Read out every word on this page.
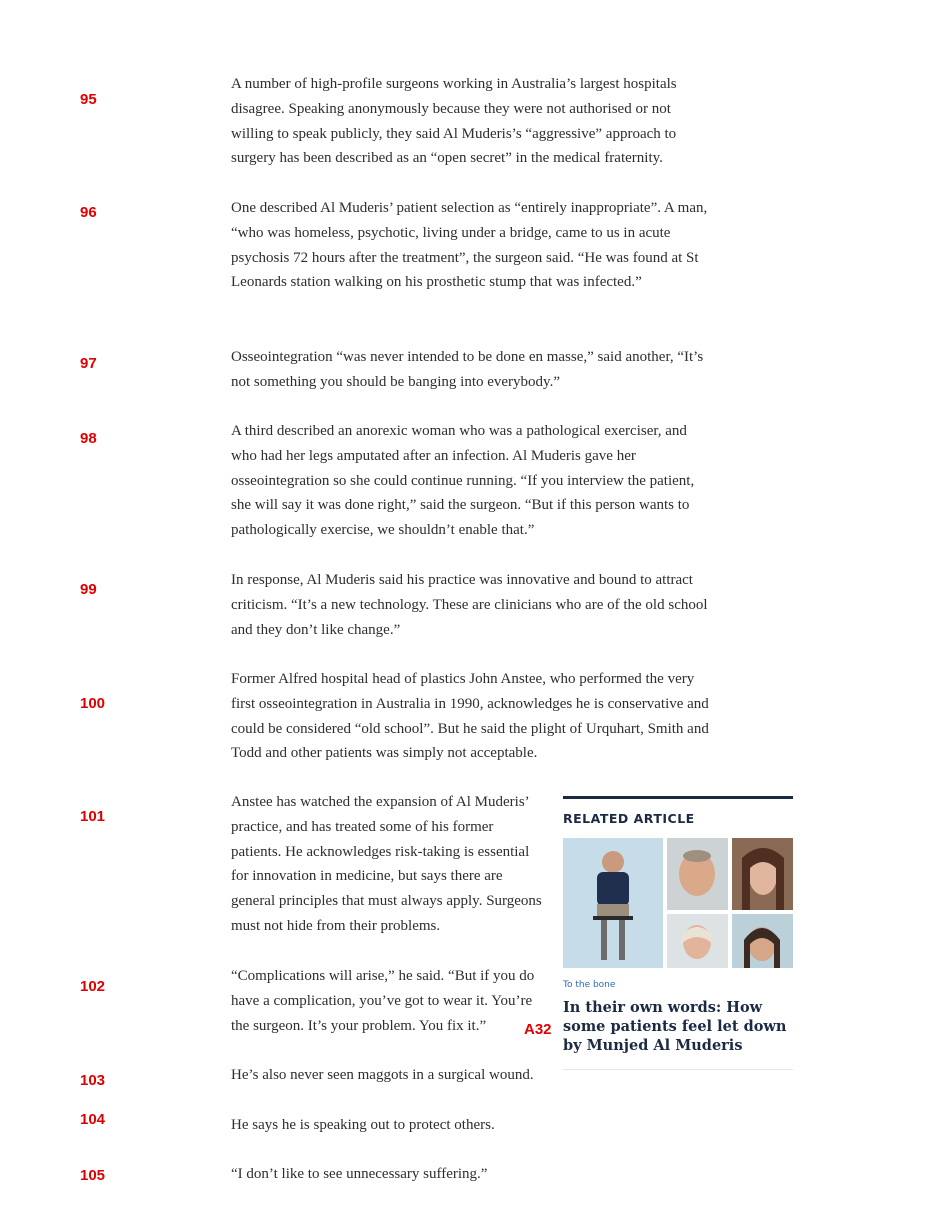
95
96
97
98
99
100
101
102
103
104
105

A number of high-profile surgeons working in Australia’s largest hospitals disagree. Speaking anonymously because they were not authorised or not willing to speak publicly, they said Al Muderis’s “aggressive” approach to surgery has been described as an “open secret” in the medical fraternity.

One described Al Muderis’ patient selection as “entirely inappropriate”. A man, “who was homeless, psychotic, living under a bridge, came to us in acute psychosis 72 hours after the treatment”, the surgeon said. “He was found at St Leonards station walking on his prosthetic stump that was infected.”

Osseointegration “was never intended to be done en masse,” said another, “It’s not something you should be banging into everybody.”

A third described an anorexic woman who was a pathological exerciser, and who had her legs amputated after an infection. Al Muderis gave her osseointegration so she could continue running. “If you interview the patient, she will say it was done right,” said the surgeon. “But if this person wants to pathologically exercise, we shouldn’t enable that.”

In response, Al Muderis said his practice was innovative and bound to attract criticism. “It’s a new technology. These are clinicians who are of the old school and they don’t like change.”

Former Alfred hospital head of plastics John Anstee, who performed the very first osseointegration in Australia in 1990, acknowledges he is conservative and could be considered “old school”. But he said the plight of Urquhart, Smith and Todd and other patients was simply not acceptable.

Anstee has watched the expansion of Al Muderis’ practice, and has treated some of his former patients. He acknowledges risk-taking is essential for innovation in medicine, but says there are general principles that must always apply. Surgeons must not hide from their problems.

“Complications will arise,” he said. “But if you do have a complication, you’ve got to wear it. You’re the surgeon. It’s your problem. You fix it.”

He’s also never seen maggots in a surgical wound.

He says he is speaking out to protect others.

“I don’t like to see unnecessary suffering.”

RELATED ARTICLE
To the bone
In their own words: How some patients feel let down by Munjed Al Muderis
A32
